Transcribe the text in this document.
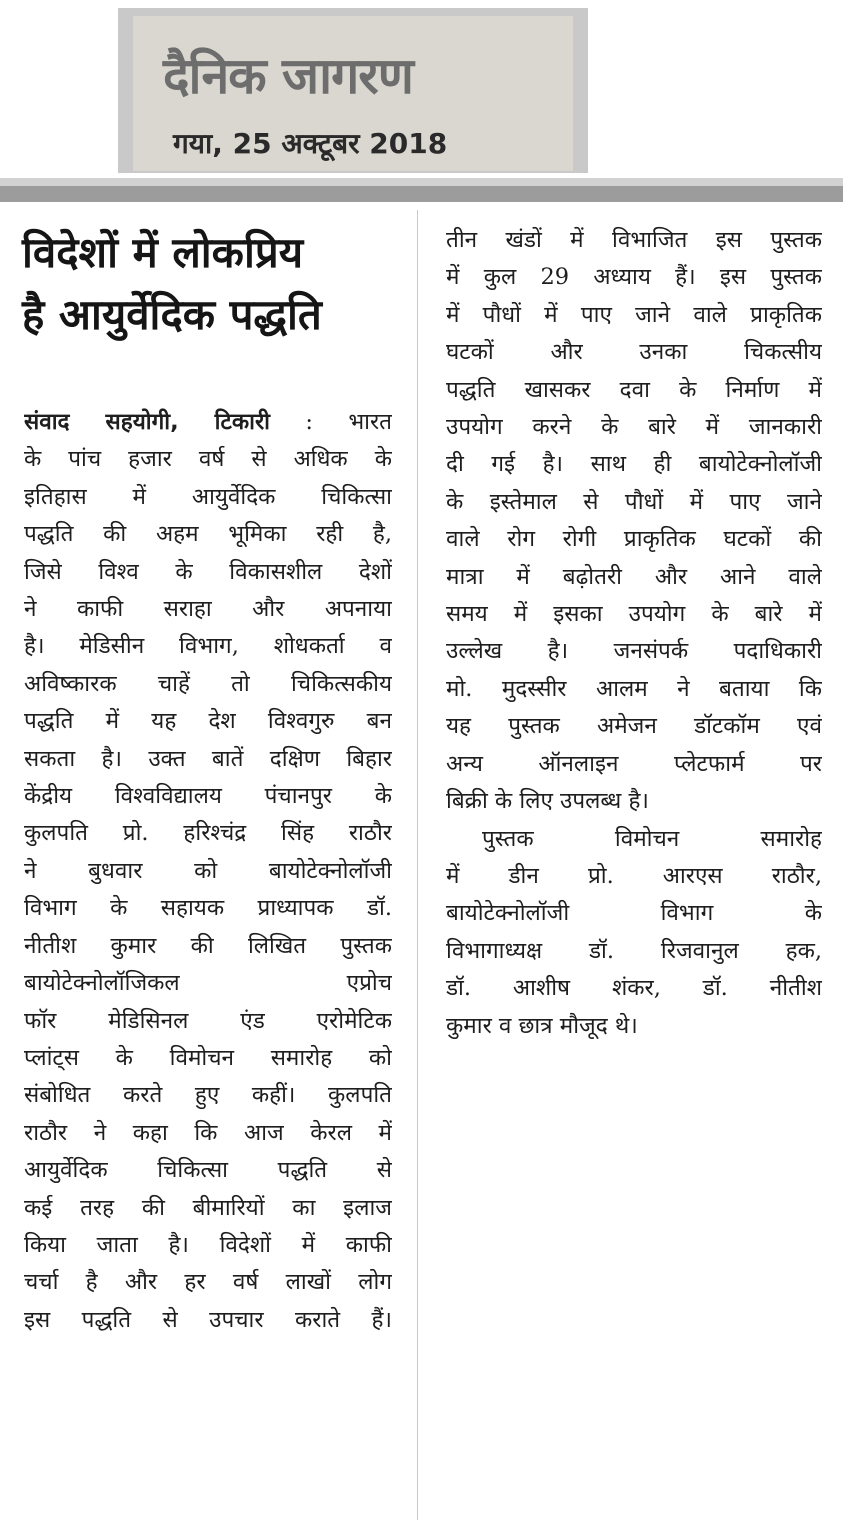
दैनिक जागरण
गया, 25 अक्टूबर 2018
विदेशों में लोकप्रिय
है आयुर्वेदिक पद्धति
संवाद सहयोगी, टिकारी : भारत
के पांच हजार वर्ष से अधिक के
इतिहास में आयुर्वेदिक चिकित्सा
पद्धति की अहम भूमिका रही है,
जिसे विश्व के विकासशील देशों
ने काफी सराहा और अपनाया
है। मेडिसीन विभाग, शोधकर्ता व
अविष्कारक चाहें तो चिकित्सकीय
पद्धति में यह देश विश्वगुरु बन
सकता है। उक्त बातें दक्षिण बिहार
केंद्रीय विश्वविद्यालय पंचानपुर के
कुलपति प्रो. हरिश्चंद्र सिंह राठौर
ने बुधवार को बायोटेक्नोलॉजी
विभाग के सहायक प्राध्यापक डॉ.
नीतीश कुमार की लिखित पुस्तक
बायोटेक्नोलॉजिकल एप्रोच
फॉर मेडिसिनल एंड एरोमेटिक
प्लांट्स के विमोचन समारोह को
संबोधित करते हुए कहीं। कुलपति
राठौर ने कहा कि आज केरल में
आयुर्वेदिक चिकित्सा पद्धति से
कई तरह की बीमारियों का इलाज
किया जाता है। विदेशों में काफी
चर्चा है और हर वर्ष लाखों लोग
इस पद्धति से उपचार कराते हैं।
तीन खंडों में विभाजित इस पुस्तक
में कुल 29 अध्याय हैं। इस पुस्तक
में पौधों में पाए जाने वाले प्राकृतिक
घटकों और उनका चिकत्सीय
पद्धति खासकर दवा के निर्माण में
उपयोग करने के बारे में जानकारी
दी गई है। साथ ही बायोटेक्नोलॉजी
के इस्तेमाल से पौधों में पाए जाने
वाले रोग रोगी प्राकृतिक घटकों की
मात्रा में बढ़ोतरी और आने वाले
समय में इसका उपयोग के बारे में
उल्लेख है। जनसंपर्क पदाधिकारी
मो. मुदस्सीर आलम ने बताया कि
यह पुस्तक अमेजन डॉटकॉम एवं
अन्य ऑनलाइन प्लेटफार्म पर
बिक्री के लिए उपलब्ध है।
पुस्तक विमोचन समारोह
में डीन प्रो. आरएस राठौर,
बायोटेक्नोलॉजी विभाग के
विभागाध्यक्ष डॉ. रिजवानुल हक,
डॉ. आशीष शंकर, डॉ. नीतीश
कुमार व छात्र मौजूद थे।
